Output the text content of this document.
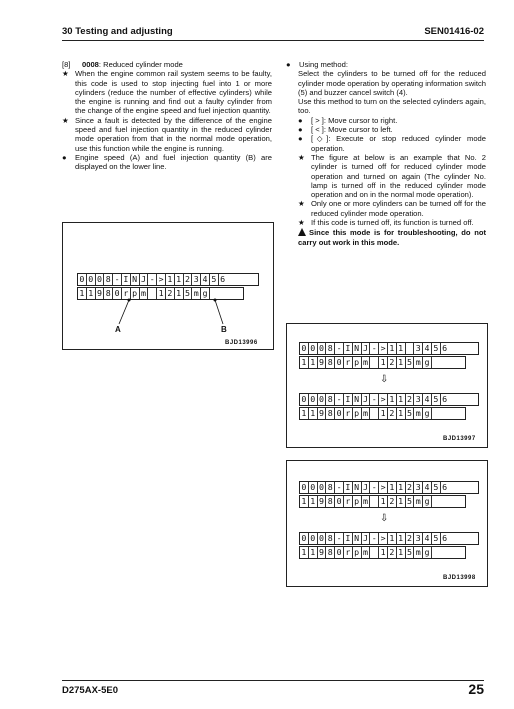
30 Testing and adjusting	SEN01416-02
[8]	0008: Reduced cylinder mode
★ When the engine common rail system seems to be faulty, this code is used to stop injecting fuel into 1 or more cylinders (reduce the number of effective cylinders) while the engine is running and find out a faulty cylinder from the change of the engine speed and fuel injection quantity.
★ Since a fault is detected by the difference of the engine speed and fuel injection quantity in the reduced cylinder mode operation from that in the normal mode operation, use this function while the engine is running.
●	Engine speed (A) and fuel injection quantity (B) are displayed on the lower line.
0 0 0 8 - I N J - > 1 1 2 3 4 5 6
1 1 9 8 0 r p m
1 2 1 5 m g

A	B
BJD13996
●	Using method:
Select the cylinders to be turned off for the reduced cylinder mode operation by operating information switch (5) and buzzer cancel switch (4).
Use this method to turn on the selected cylinders again, too.
●	[ > ]: Move cursor to right.
●	[ < ]: Move cursor to left.
●	[◇]: Execute or stop reduced cylinder mode operation.
★ The figure at below is an example that No. 2 cylinder is turned off for reduced cylinder mode operation and turned on again (The cylinder No. lamp is turned off in the reduced cylinder mode operation and on in the normal mode operation).
★ Only one or more cylinders can be turned off for the reduced cylinder mode operation.
★ If this code is turned off, its function is turned off.
Since this mode is for troubleshooting, do not carry out work in this mode.
0 0 0 8 - I N J - > 1 1
3 4 5 6
1 1 9 8 0 r p m
1 2 1 5 m g

⇩
0 0 0 8 - I N J - > 1 1 2 3 4 5 6
1 1 9 8 0 r p m
1 2 1 5 m g

BJD13997
0 0 0 8 - I N J - > 1 1 2 3 4 5 6
1 1 9 8 0 r p m
1 2 1 5 m g

⇩
0 0 0 8 - I N J - > 1 1 2 3 4 5 6
1 1 9 8 0 r p m
1 2 1 5 m g

BJD13998
D275AX-5E0	25
